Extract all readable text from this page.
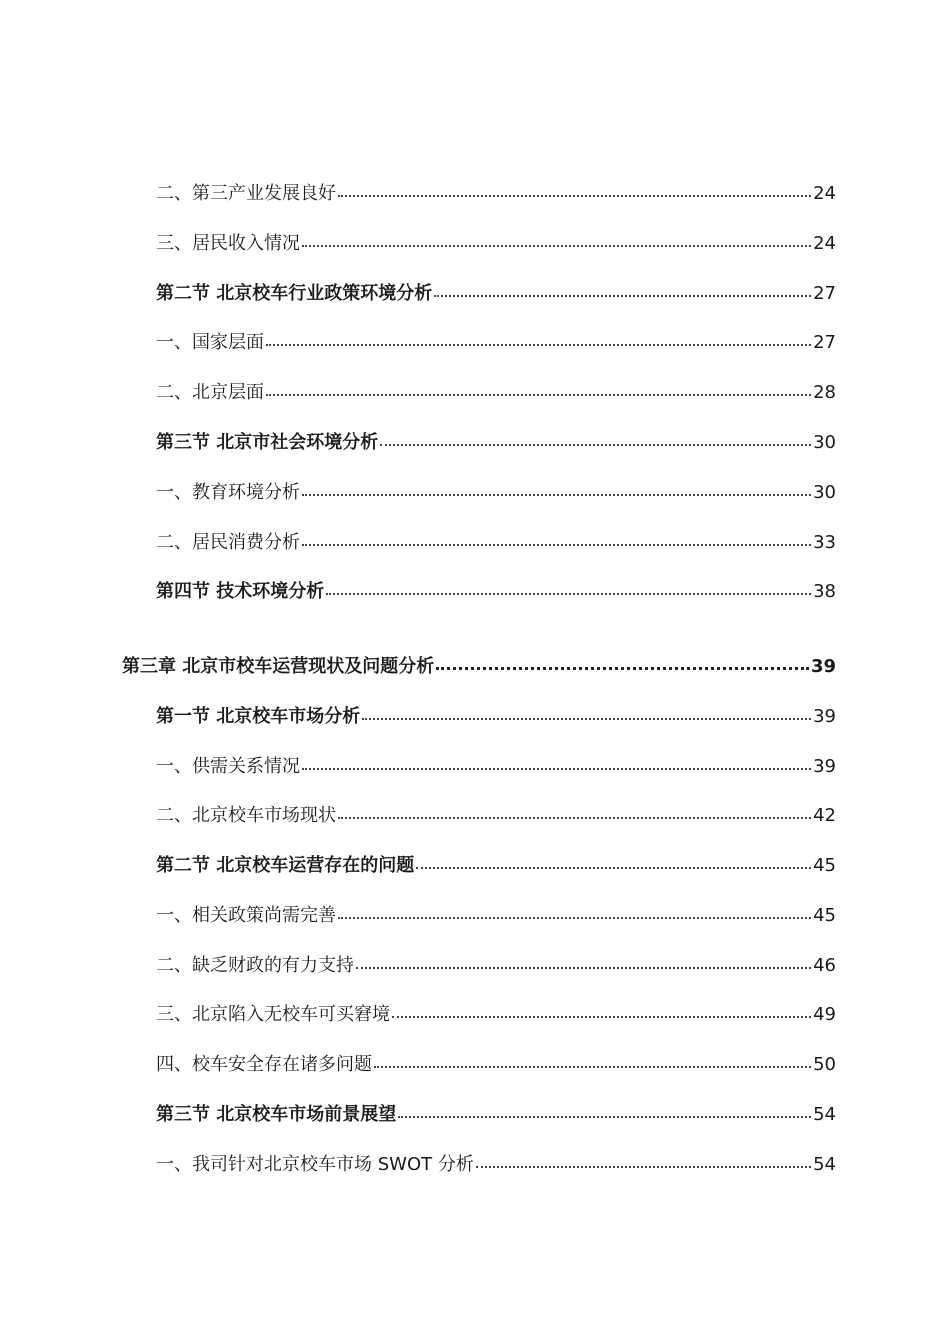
二、第三产业发展良好	24
三、居民收入情况	24
第二节 北京校车行业政策环境分析	27
一、国家层面	27
二、北京层面	28
第三节 北京市社会环境分析	30
一、教育环境分析	30
二、居民消费分析	33
第四节 技术环境分析	38
第三章 北京市校车运营现状及问题分析	39
第一节 北京校车市场分析	39
一、供需关系情况	39
二、北京校车市场现状	42
第二节 北京校车运营存在的问题	45
一、相关政策尚需完善	45
二、缺乏财政的有力支持	46
三、北京陷入无校车可买窘境	49
四、校车安全存在诸多问题	50
第三节 北京校车市场前景展望	54
一、我司针对北京校车市场 SWOT 分析	54
